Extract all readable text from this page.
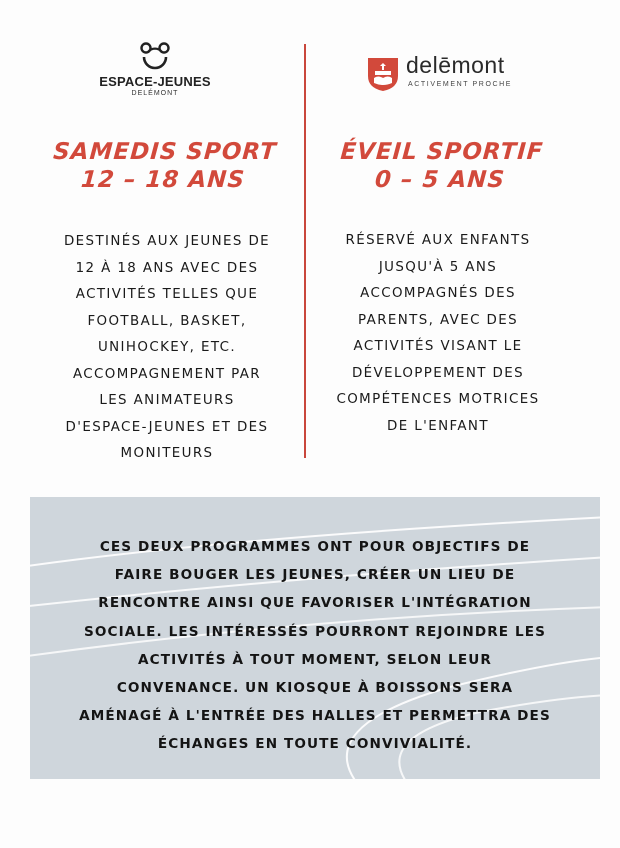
ESPACE-JEUNES
DELÉMONT
delēmont
ACTIVEMENT PROCHE
SAMEDIS SPORT
12 – 18 ANS
ÉVEIL SPORTIF
0 – 5 ANS
DESTINÉS AUX JEUNES DE
12 À 18 ANS AVEC DES
ACTIVITÉS TELLES QUE
FOOTBALL, BASKET,
UNIHOCKEY, ETC.
ACCOMPAGNEMENT PAR
LES ANIMATEURS
D'ESPACE-JEUNES ET DES
MONITEURS
RÉSERVÉ AUX ENFANTS
JUSQU'À 5 ANS
ACCOMPAGNÉS DES
PARENTS, AVEC DES
ACTIVITÉS VISANT LE
DÉVELOPPEMENT DES
COMPÉTENCES MOTRICES
DE L'ENFANT
CES DEUX PROGRAMMES ONT POUR OBJECTIFS DE
FAIRE BOUGER LES JEUNES, CRÉER UN LIEU DE
RENCONTRE AINSI QUE FAVORISER L'INTÉGRATION
SOCIALE. LES INTÉRESSÉS POURRONT REJOINDRE LES
ACTIVITÉS À TOUT MOMENT, SELON LEUR
CONVENANCE. UN KIOSQUE À BOISSONS SERA
AMÉNAGÉ À L'ENTRÉE DES HALLES ET PERMETTRA DES
ÉCHANGES EN TOUTE CONVIVIALITÉ.
